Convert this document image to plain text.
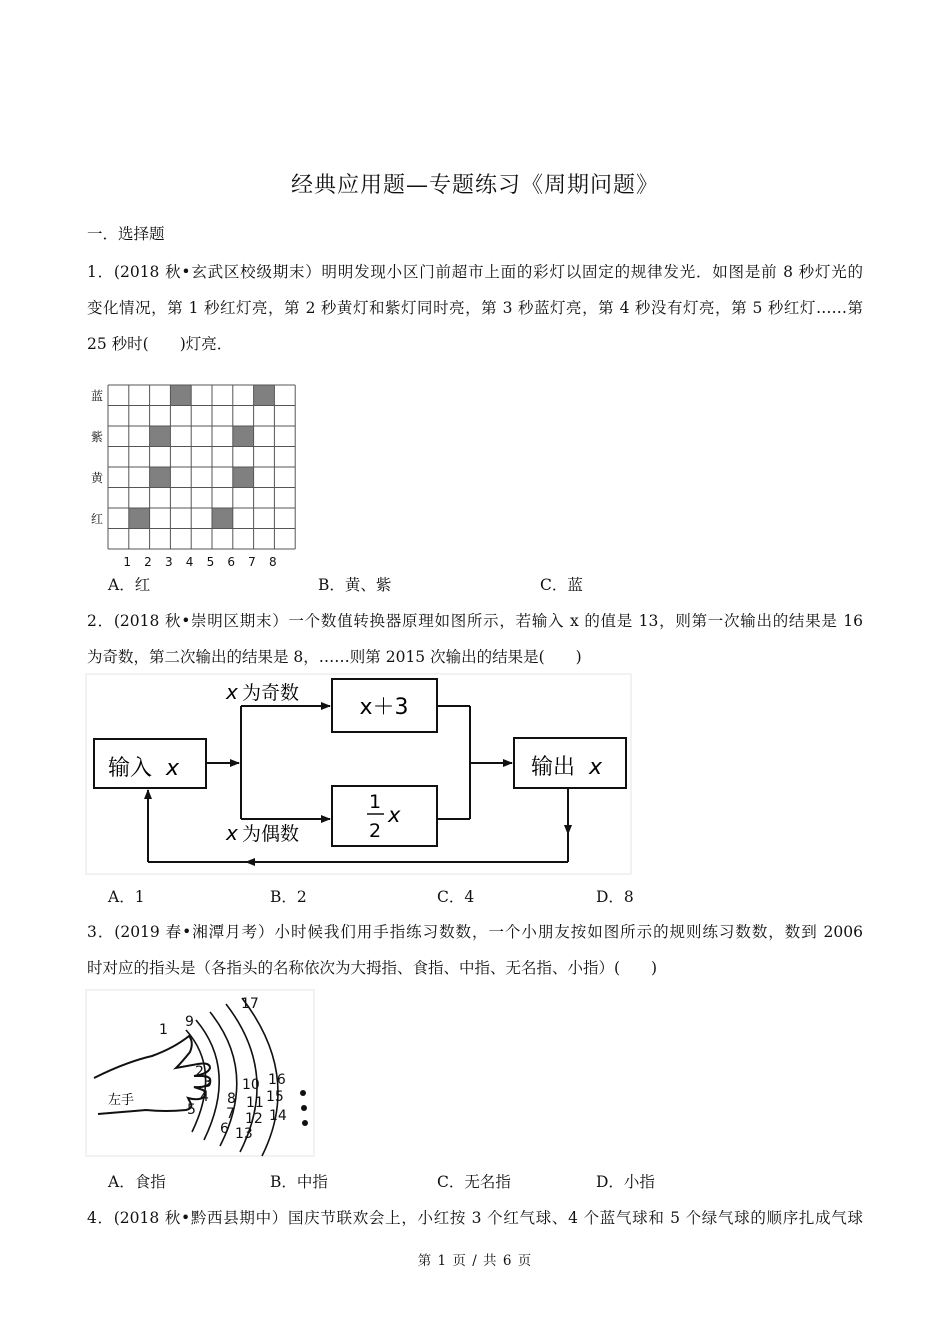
经典应用题—专题练习《周期问题》
一．选择题
1．(2018 秋•玄武区校级期末）明明发现小区门前超市上面的彩灯以固定的规律发光．如图是前 8 秒灯光的
变化情况，第 1 秒红灯亮，第 2 秒黄灯和紫灯同时亮，第 3 秒蓝灯亮，第 4 秒没有灯亮，第 5 秒红灯……第
25 秒时(　　)灯亮．
蓝
紫
黄
红
1 2 3 4 5 6 7 8
A．红	B．黄、紫	C．蓝
2．(2018 秋•崇明区期末）一个数值转换器原理如图所示，若输入 x 的值是 13，则第一次输出的结果是 16
为奇数，第二次输出的结果是 8，……则第 2015 次输出的结果是(　　)
输入 x
x 为奇数
x 为偶数
x＋3
1
2
x
输出 x
A．1	B．2	C．4	D．8
3．(2019 春•湘潭月考）小时候我们用手指练习数数，一个小朋友按如图所示的规则练习数数，数到 2006
时对应的指头是（各指头的名称依次为大拇指、食指、中指、无名指、小指）(　　)
左手
1
2
3
4
5
6
7
8
9
10
11
12
13
14
15
16
17
A．食指	B．中指	C．无名指	D．小指
4．(2018 秋•黔西县期中）国庆节联欢会上，小红按 3 个红气球、4 个蓝气球和 5 个绿气球的顺序扎成气球
第 1 页 / 共 6 页
